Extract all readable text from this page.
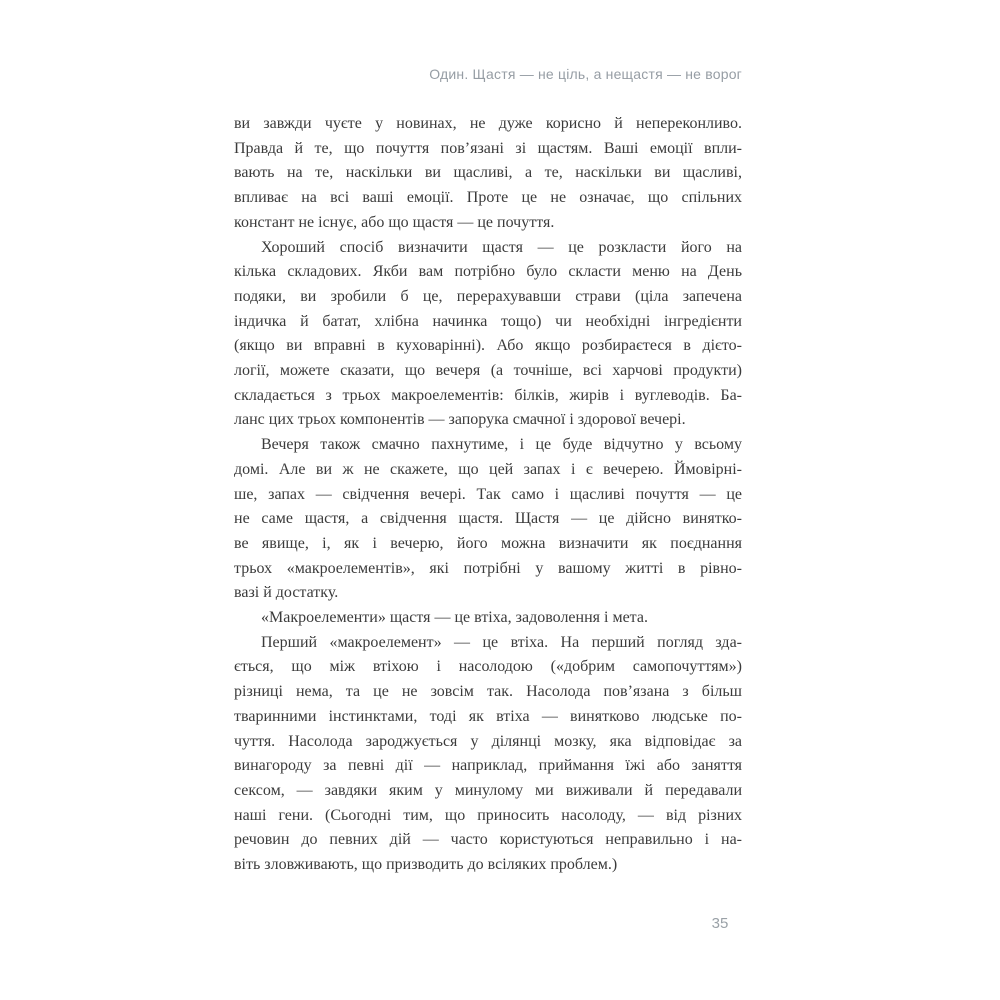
Один. Щастя — не ціль, а нещастя — не ворог
ви завжди чуєте у новинах, не дуже корисно й непереконливо.
Правда й те, що почуття пов’язані зі щастям. Ваші емоції впли-
вають на те, наскільки ви щасливі, а те, наскільки ви щасливі,
впливає на всі ваші емоції. Проте це не означає, що спільних
констант не існує, або що щастя — це почуття.
Хороший спосіб визначити щастя — це розкласти його на
кілька складових. Якби вам потрібно було скласти меню на День
подяки, ви зробили б це, перерахувавши страви (ціла запечена
індичка й батат, хлібна начинка тощо) чи необхідні інгредієнти
(якщо ви вправні в куховарінні). Або якщо розбираєтеся в дієто-
логії, можете сказати, що вечеря (а точніше, всі харчові продукти)
складається з трьох макроелементів: білків, жирів і вуглеводів. Ба-
ланс цих трьох компонентів — запорука смачної і здорової вечері.
Вечеря також смачно пахнутиме, і це буде відчутно у всьому
домі. Але ви ж не скажете, що цей запах і є вечерею. Ймовірні-
ше, запах — свідчення вечері. Так само і щасливі почуття — це
не саме щастя, а свідчення щастя. Щастя — це дійсно винятко-
ве явище, і, як і вечерю, його можна визначити як поєднання
трьох «макроелементів», які потрібні у вашому житті в рівно-
вазі й достатку.
«Макроелементи» щастя — це втіха, задоволення і мета.
Перший «макроелемент» — це втіха. На перший погляд зда-
ється, що між втіхою і насолодою («добрим самопочуттям»)
різниці нема, та це не зовсім так. Насолода пов’язана з більш
тваринними інстинктами, тоді як втіха — винятково людське по-
чуття. Насолода зароджується у ділянці мозку, яка відповідає за
винагороду за певні дії — наприклад, приймання їжі або заняття
сексом, — завдяки яким у минулому ми виживали й передавали
наші гени. (Сьогодні тим, що приносить насолоду, — від різних
речовин до певних дій — часто користуються неправильно і на-
віть зловживають, що призводить до всіляких проблем.)
35
